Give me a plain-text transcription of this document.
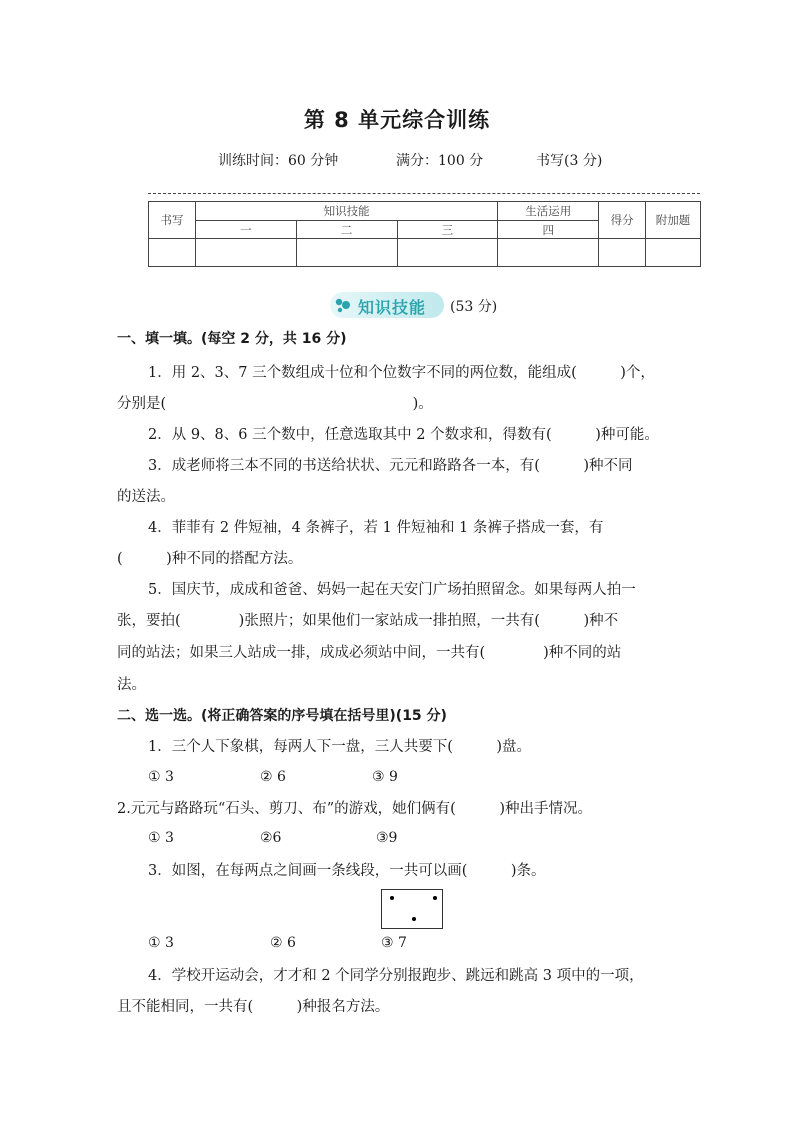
第 8 单元综合训练
训练时间：60 分钟	满分：100 分	书写(3 分)
书写	知识技能			生活运用	得分	附加题
	一	二	三	四		

知识技能 (53 分)
一、填一填。(每空 2 分，共 16 分)
1．用 2、3、7 三个数组成十位和个位数字不同的两位数，能组成(　　　)个，
分别是(　　　　　　　　　　　　　　　　　)。
2．从 9、8、6 三个数中，任意选取其中 2 个数求和，得数有(　　　)种可能。
3．成老师将三本不同的书送给状状、元元和路路各一本，有(　　　)种不同
的送法。
4．菲菲有 2 件短袖，4 条裤子，若 1 件短袖和 1 条裤子搭成一套，有
(　　　)种不同的搭配方法。
5．国庆节，成成和爸爸、妈妈一起在天安门广场拍照留念。如果每两人拍一
张，要拍(　　　　)张照片；如果他们一家站成一排拍照，一共有(　　　)种不
同的站法；如果三人站成一排，成成必须站中间，一共有(　　　　)种不同的站
法。
二、选一选。(将正确答案的序号填在括号里)(15 分)
1．三个人下象棋，每两人下一盘，三人共要下(　　　)盘。
① 3	② 6	③ 9
2.元元与路路玩“石头、剪刀、布”的游戏，她们俩有(　　　)种出手情况。
① 3	②6	③9
3．如图，在每两点之间画一条线段，一共可以画(　　　)条。
① 3	② 6	③ 7
4．学校开运动会，才才和 2 个同学分别报跑步、跳远和跳高 3 项中的一项，
且不能相同，一共有(　　　)种报名方法。
